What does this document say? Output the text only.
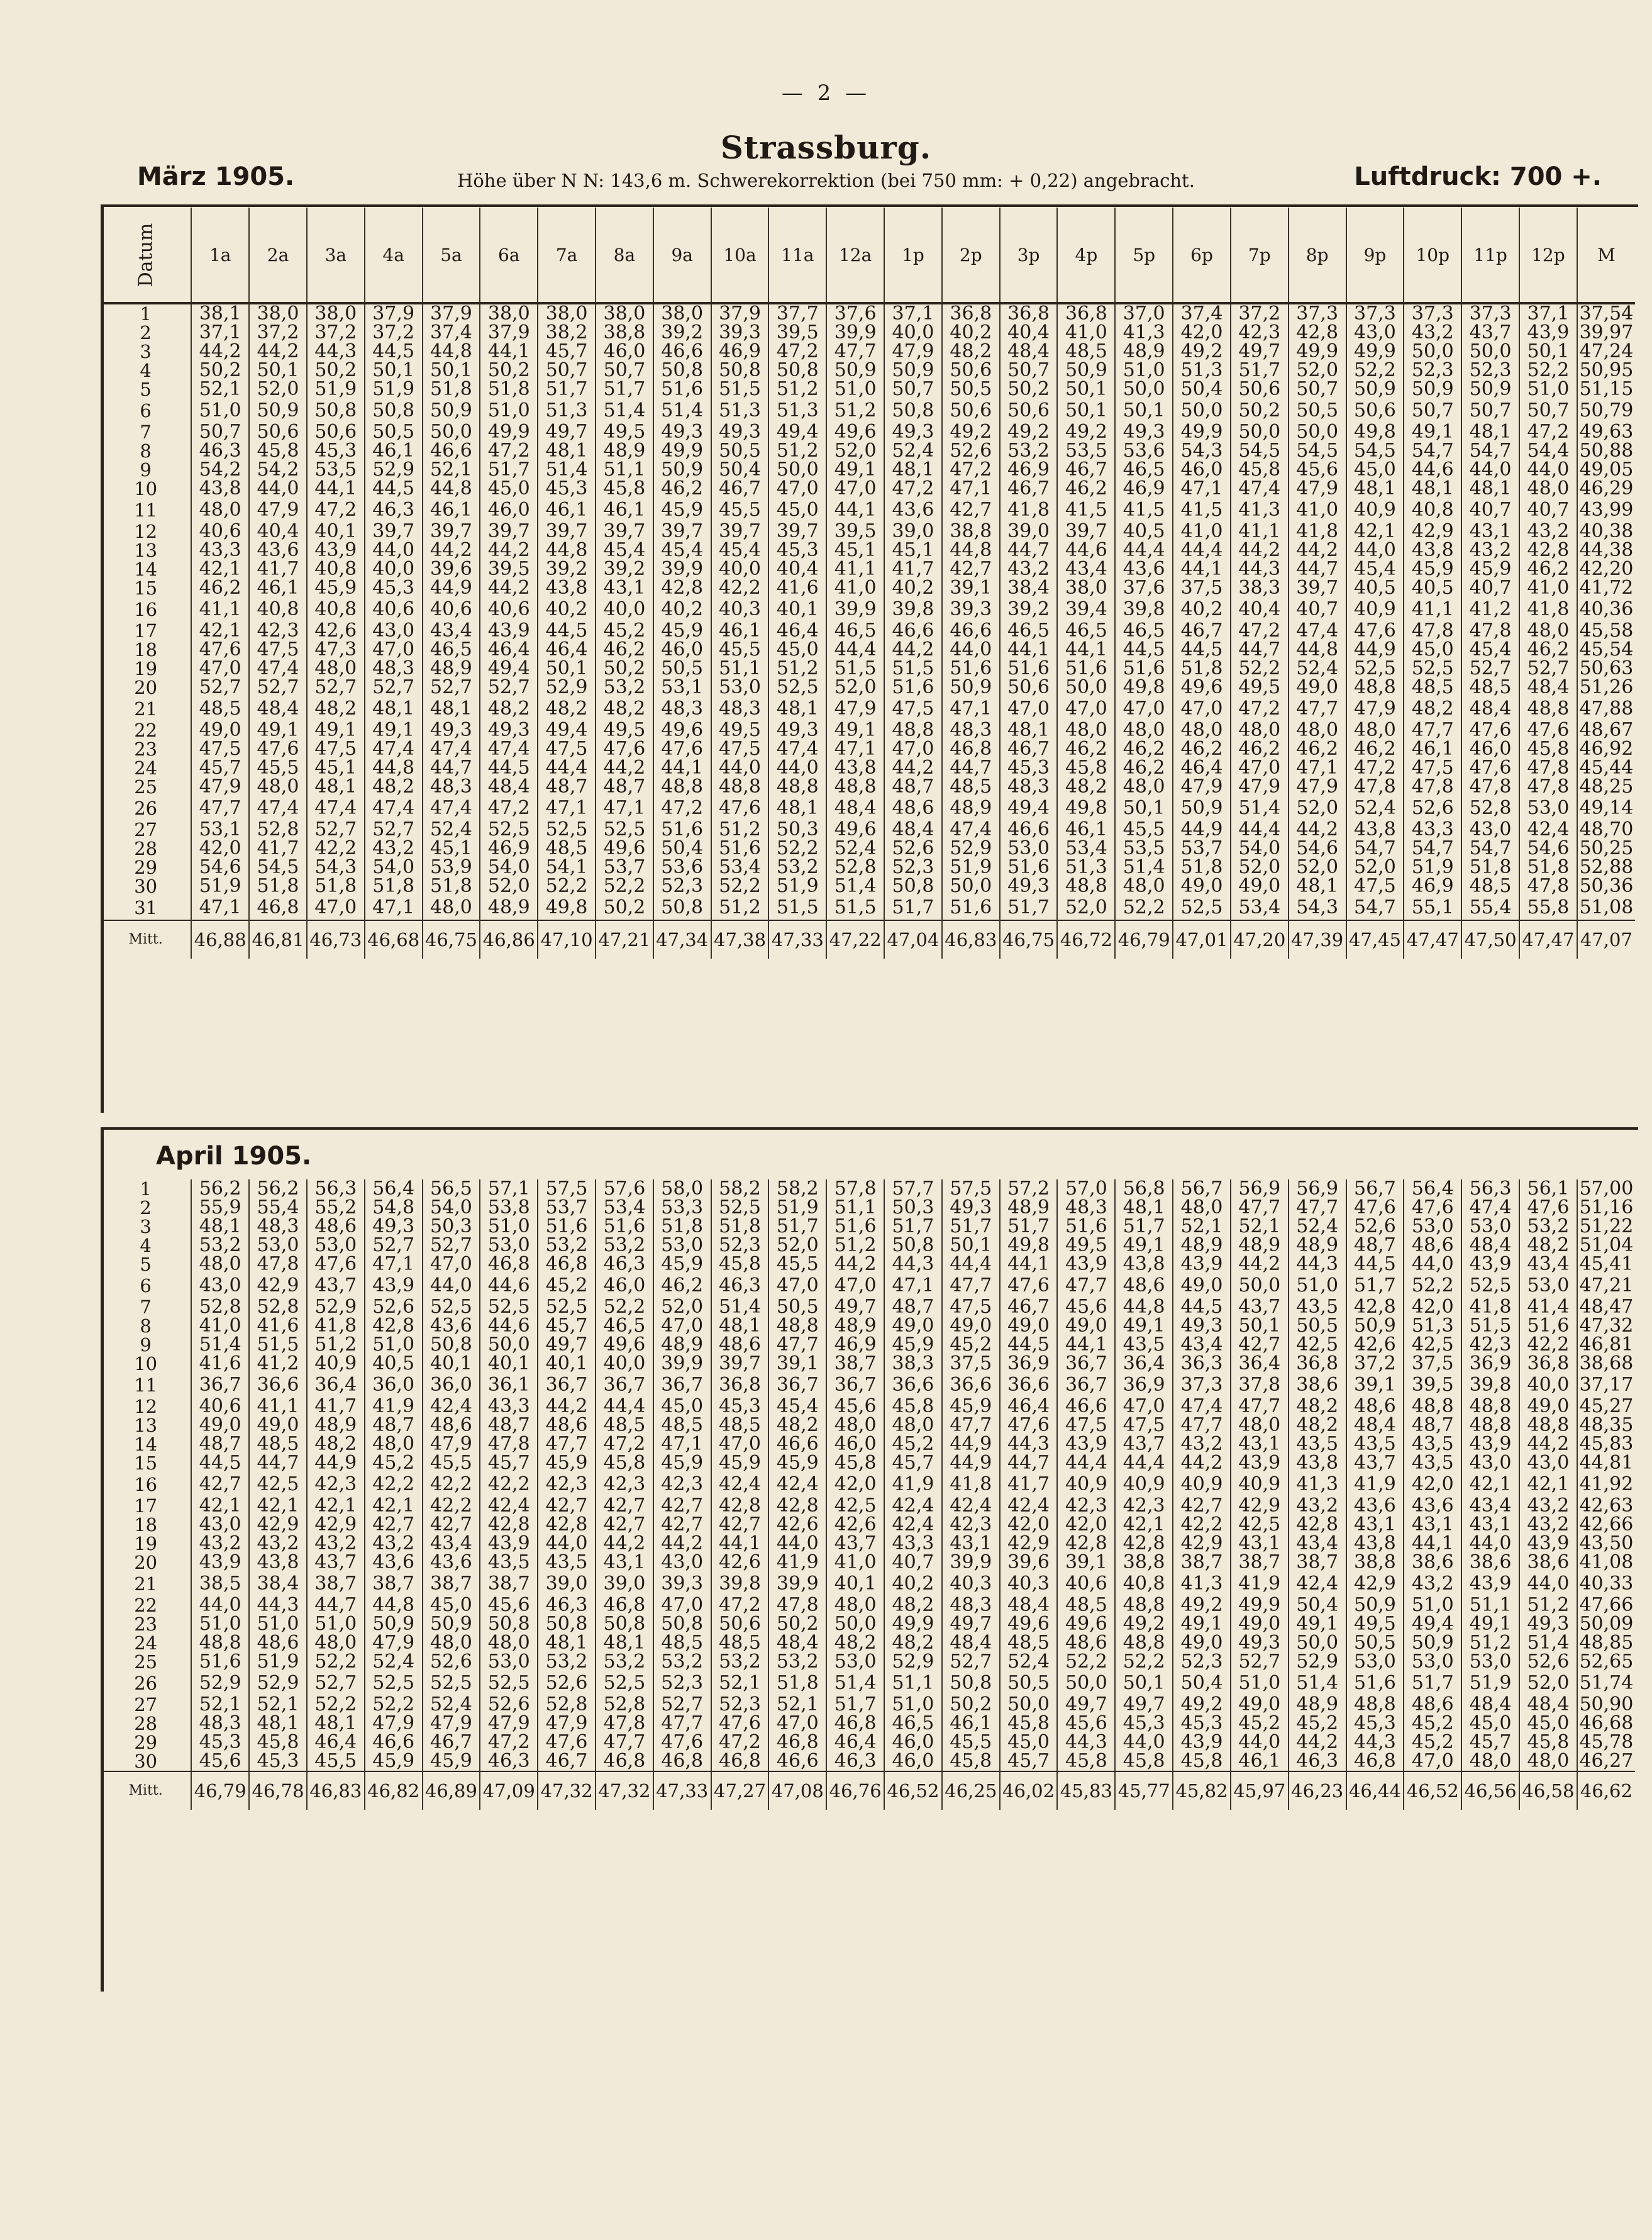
— 2 —
Strassburg.
März 1905.	Höhe über N N: 143,6 m. Schwerekorrektion (bei 750 mm: + 0,22) angebracht.	Luftdruck: 700 +.
Datum	1a	2a	3a	4a	5a	6a	7a	8a	9a	10a	11a	12a	1p	2p	3p	4p	5p	6p	7p	8p	9p	10p	11p	12p	M
1	38,1	38,0	38,0	37,9	37,9	38,0	38,0	38,0	38,0	37,9	37,7	37,6	37,1	36,8	36,8	36,8	37,0	37,4	37,2	37,3	37,3	37,3	37,3	37,1	37,54
2	37,1	37,2	37,2	37,2	37,4	37,9	38,2	38,8	39,2	39,3	39,5	39,9	40,0	40,2	40,4	41,0	41,3	42,0	42,3	42,8	43,0	43,2	43,7	43,9	39,97
3	44,2	44,2	44,3	44,5	44,8	44,1	45,7	46,0	46,6	46,9	47,2	47,7	47,9	48,2	48,4	48,5	48,9	49,2	49,7	49,9	49,9	50,0	50,0	50,1	47,24
4	50,2	50,1	50,2	50,1	50,1	50,2	50,7	50,7	50,8	50,8	50,8	50,9	50,9	50,6	50,7	50,9	51,0	51,3	51,7	52,0	52,2	52,3	52,3	52,2	50,95
5	52,1	52,0	51,9	51,9	51,8	51,8	51,7	51,7	51,6	51,5	51,2	51,0	50,7	50,5	50,2	50,1	50,0	50,4	50,6	50,7	50,9	50,9	50,9	51,0	51,15
6	51,0	50,9	50,8	50,8	50,9	51,0	51,3	51,4	51,4	51,3	51,3	51,2	50,8	50,6	50,6	50,1	50,1	50,0	50,2	50,5	50,6	50,7	50,7	50,7	50,79
7	50,7	50,6	50,6	50,5	50,0	49,9	49,7	49,5	49,3	49,3	49,4	49,6	49,3	49,2	49,2	49,2	49,3	49,9	50,0	50,0	49,8	49,1	48,1	47,2	49,63
8	46,3	45,8	45,3	46,1	46,6	47,2	48,1	48,9	49,9	50,5	51,2	52,0	52,4	52,6	53,2	53,5	53,6	54,3	54,5	54,5	54,5	54,7	54,7	54,4	50,88
9	54,2	54,2	53,5	52,9	52,1	51,7	51,4	51,1	50,9	50,4	50,0	49,1	48,1	47,2	46,9	46,7	46,5	46,0	45,8	45,6	45,0	44,6	44,0	44,0	49,05
10	43,8	44,0	44,1	44,5	44,8	45,0	45,3	45,8	46,2	46,7	47,0	47,0	47,2	47,1	46,7	46,2	46,9	47,1	47,4	47,9	48,1	48,1	48,1	48,0	46,29
11	48,0	47,9	47,2	46,3	46,1	46,0	46,1	46,1	45,9	45,5	45,0	44,1	43,6	42,7	41,8	41,5	41,5	41,5	41,3	41,0	40,9	40,8	40,7	40,7	43,99
12	40,6	40,4	40,1	39,7	39,7	39,7	39,7	39,7	39,7	39,7	39,7	39,5	39,0	38,8	39,0	39,7	40,5	41,0	41,1	41,8	42,1	42,9	43,1	43,2	40,38
13	43,3	43,6	43,9	44,0	44,2	44,2	44,8	45,4	45,4	45,4	45,3	45,1	45,1	44,8	44,7	44,6	44,4	44,4	44,2	44,2	44,0	43,8	43,2	42,8	44,38
14	42,1	41,7	40,8	40,0	39,6	39,5	39,2	39,2	39,9	40,0	40,4	41,1	41,7	42,7	43,2	43,4	43,6	44,1	44,3	44,7	45,4	45,9	45,9	46,2	42,20
15	46,2	46,1	45,9	45,3	44,9	44,2	43,8	43,1	42,8	42,2	41,6	41,0	40,2	39,1	38,4	38,0	37,6	37,5	38,3	39,7	40,5	40,5	40,7	41,0	41,72
16	41,1	40,8	40,8	40,6	40,6	40,6	40,2	40,0	40,2	40,3	40,1	39,9	39,8	39,3	39,2	39,4	39,8	40,2	40,4	40,7	40,9	41,1	41,2	41,8	40,36
17	42,1	42,3	42,6	43,0	43,4	43,9	44,5	45,2	45,9	46,1	46,4	46,5	46,6	46,6	46,5	46,5	46,5	46,7	47,2	47,4	47,6	47,8	47,8	48,0	45,58
18	47,6	47,5	47,3	47,0	46,5	46,4	46,4	46,2	46,0	45,5	45,0	44,4	44,2	44,0	44,1	44,1	44,5	44,5	44,7	44,8	44,9	45,0	45,4	46,2	45,54
19	47,0	47,4	48,0	48,3	48,9	49,4	50,1	50,2	50,5	51,1	51,2	51,5	51,5	51,6	51,6	51,6	51,6	51,8	52,2	52,4	52,5	52,5	52,7	52,7	50,63
20	52,7	52,7	52,7	52,7	52,7	52,7	52,9	53,2	53,1	53,0	52,5	52,0	51,6	50,9	50,6	50,0	49,8	49,6	49,5	49,0	48,8	48,5	48,5	48,4	51,26
21	48,5	48,4	48,2	48,1	48,1	48,2	48,2	48,2	48,3	48,3	48,1	47,9	47,5	47,1	47,0	47,0	47,0	47,0	47,2	47,7	47,9	48,2	48,4	48,8	47,88
22	49,0	49,1	49,1	49,1	49,3	49,3	49,4	49,5	49,6	49,5	49,3	49,1	48,8	48,3	48,1	48,0	48,0	48,0	48,0	48,0	48,0	47,7	47,6	47,6	48,67
23	47,5	47,6	47,5	47,4	47,4	47,4	47,5	47,6	47,6	47,5	47,4	47,1	47,0	46,8	46,7	46,2	46,2	46,2	46,2	46,2	46,2	46,1	46,0	45,8	46,92
24	45,7	45,5	45,1	44,8	44,7	44,5	44,4	44,2	44,1	44,0	44,0	43,8	44,2	44,7	45,3	45,8	46,2	46,4	47,0	47,1	47,2	47,5	47,6	47,8	45,44
25	47,9	48,0	48,1	48,2	48,3	48,4	48,7	48,7	48,8	48,8	48,8	48,8	48,7	48,5	48,3	48,2	48,0	47,9	47,9	47,9	47,8	47,8	47,8	47,8	48,25
26	47,7	47,4	47,4	47,4	47,4	47,2	47,1	47,1	47,2	47,6	48,1	48,4	48,6	48,9	49,4	49,8	50,1	50,9	51,4	52,0	52,4	52,6	52,8	53,0	49,14
27	53,1	52,8	52,7	52,7	52,4	52,5	52,5	52,5	51,6	51,2	50,3	49,6	48,4	47,4	46,6	46,1	45,5	44,9	44,4	44,2	43,8	43,3	43,0	42,4	48,70
28	42,0	41,7	42,2	43,2	45,1	46,9	48,5	49,6	50,4	51,6	52,2	52,4	52,6	52,9	53,0	53,4	53,5	53,7	54,0	54,6	54,7	54,7	54,7	54,6	50,25
29	54,6	54,5	54,3	54,0	53,9	54,0	54,1	53,7	53,6	53,4	53,2	52,8	52,3	51,9	51,6	51,3	51,4	51,8	52,0	52,0	52,0	51,9	51,8	51,8	52,88
30	51,9	51,8	51,8	51,8	51,8	52,0	52,2	52,2	52,3	52,2	51,9	51,4	50,8	50,0	49,3	48,8	48,0	49,0	49,0	48,1	47,5	46,9	48,5	47,8	50,36
31	47,1	46,8	47,0	47,1	48,0	48,9	49,8	50,2	50,8	51,2	51,5	51,5	51,7	51,6	51,7	52,0	52,2	52,5	53,4	54,3	54,7	55,1	55,4	55,8	51,08
Mitt.	46,88	46,81	46,73	46,68	46,75	46,86	47,10	47,21	47,34	47,38	47,33	47,22	47,04	46,83	46,75	46,72	46,79	47,01	47,20	47,39	47,45	47,47	47,50	47,47	47,07
April 1905.
1	56,2	56,2	56,3	56,4	56,5	57,1	57,5	57,6	58,0	58,2	58,2	57,8	57,7	57,5	57,2	57,0	56,8	56,7	56,9	56,9	56,7	56,4	56,3	56,1	57,00
2	55,9	55,4	55,2	54,8	54,0	53,8	53,7	53,4	53,3	52,5	51,9	51,1	50,3	49,3	48,9	48,3	48,1	48,0	47,7	47,7	47,6	47,6	47,4	47,6	51,16
3	48,1	48,3	48,6	49,3	50,3	51,0	51,6	51,6	51,8	51,8	51,7	51,6	51,7	51,7	51,7	51,6	51,7	52,1	52,1	52,4	52,6	53,0	53,0	53,2	51,22
4	53,2	53,0	53,0	52,7	52,7	53,0	53,2	53,2	53,0	52,3	52,0	51,2	50,8	50,1	49,8	49,5	49,1	48,9	48,9	48,9	48,7	48,6	48,4	48,2	51,04
5	48,0	47,8	47,6	47,1	47,0	46,8	46,8	46,3	45,9	45,8	45,5	44,2	44,3	44,4	44,1	43,9	43,8	43,9	44,2	44,3	44,5	44,0	43,9	43,4	45,41
6	43,0	42,9	43,7	43,9	44,0	44,6	45,2	46,0	46,2	46,3	47,0	47,0	47,1	47,7	47,6	47,7	48,6	49,0	50,0	51,0	51,7	52,2	52,5	53,0	47,21
7	52,8	52,8	52,9	52,6	52,5	52,5	52,5	52,2	52,0	51,4	50,5	49,7	48,7	47,5	46,7	45,6	44,8	44,5	43,7	43,5	42,8	42,0	41,8	41,4	48,47
8	41,0	41,6	41,8	42,8	43,6	44,6	45,7	46,5	47,0	48,1	48,8	48,9	49,0	49,0	49,0	49,0	49,1	49,3	50,1	50,5	50,9	51,3	51,5	51,6	47,32
9	51,4	51,5	51,2	51,0	50,8	50,0	49,7	49,6	48,9	48,6	47,7	46,9	45,9	45,2	44,5	44,1	43,5	43,4	42,7	42,5	42,6	42,5	42,3	42,2	46,81
10	41,6	41,2	40,9	40,5	40,1	40,1	40,1	40,0	39,9	39,7	39,1	38,7	38,3	37,5	36,9	36,7	36,4	36,3	36,4	36,8	37,2	37,5	36,9	36,8	38,68
11	36,7	36,6	36,4	36,0	36,0	36,1	36,7	36,7	36,7	36,8	36,7	36,7	36,6	36,6	36,6	36,7	36,9	37,3	37,8	38,6	39,1	39,5	39,8	40,0	37,17
12	40,6	41,1	41,7	41,9	42,4	43,3	44,2	44,4	45,0	45,3	45,4	45,6	45,8	45,9	46,4	46,6	47,0	47,4	47,7	48,2	48,6	48,8	48,8	49,0	45,27
13	49,0	49,0	48,9	48,7	48,6	48,7	48,6	48,5	48,5	48,5	48,2	48,0	48,0	47,7	47,6	47,5	47,5	47,7	48,0	48,2	48,4	48,7	48,8	48,8	48,35
14	48,7	48,5	48,2	48,0	47,9	47,8	47,7	47,2	47,1	47,0	46,6	46,0	45,2	44,9	44,3	43,9	43,7	43,2	43,1	43,5	43,5	43,5	43,9	44,2	45,83
15	44,5	44,7	44,9	45,2	45,5	45,7	45,9	45,8	45,9	45,9	45,9	45,8	45,7	44,9	44,7	44,4	44,4	44,2	43,9	43,8	43,7	43,5	43,0	43,0	44,81
16	42,7	42,5	42,3	42,2	42,2	42,2	42,3	42,3	42,3	42,4	42,4	42,0	41,9	41,8	41,7	40,9	40,9	40,9	40,9	41,3	41,9	42,0	42,1	42,1	41,92
17	42,1	42,1	42,1	42,1	42,2	42,4	42,7	42,7	42,7	42,8	42,8	42,5	42,4	42,4	42,4	42,3	42,3	42,7	42,9	43,2	43,6	43,6	43,4	43,2	42,63
18	43,0	42,9	42,9	42,7	42,7	42,8	42,8	42,7	42,7	42,7	42,6	42,6	42,4	42,3	42,0	42,0	42,1	42,2	42,5	42,8	43,1	43,1	43,1	43,2	42,66
19	43,2	43,2	43,2	43,2	43,4	43,9	44,0	44,2	44,2	44,1	44,0	43,7	43,3	43,1	42,9	42,8	42,8	42,9	43,1	43,4	43,8	44,1	44,0	43,9	43,50
20	43,9	43,8	43,7	43,6	43,6	43,5	43,5	43,1	43,0	42,6	41,9	41,0	40,7	39,9	39,6	39,1	38,8	38,7	38,7	38,7	38,8	38,6	38,6	38,6	41,08
21	38,5	38,4	38,7	38,7	38,7	38,7	39,0	39,0	39,3	39,8	39,9	40,1	40,2	40,3	40,3	40,6	40,8	41,3	41,9	42,4	42,9	43,2	43,9	44,0	40,33
22	44,0	44,3	44,7	44,8	45,0	45,6	46,3	46,8	47,0	47,2	47,8	48,0	48,2	48,3	48,4	48,5	48,8	49,2	49,9	50,4	50,9	51,0	51,1	51,2	47,66
23	51,0	51,0	51,0	50,9	50,9	50,8	50,8	50,8	50,8	50,6	50,2	50,0	49,9	49,7	49,6	49,6	49,2	49,1	49,0	49,1	49,5	49,4	49,1	49,3	50,09
24	48,8	48,6	48,0	47,9	48,0	48,0	48,1	48,1	48,5	48,5	48,4	48,2	48,2	48,4	48,5	48,6	48,8	49,0	49,3	50,0	50,5	50,9	51,2	51,4	48,85
25	51,6	51,9	52,2	52,4	52,6	53,0	53,2	53,2	53,2	53,2	53,2	53,0	52,9	52,7	52,4	52,2	52,2	52,3	52,7	52,9	53,0	53,0	53,0	52,6	52,65
26	52,9	52,9	52,7	52,5	52,5	52,5	52,6	52,5	52,3	52,1	51,8	51,4	51,1	50,8	50,5	50,0	50,1	50,4	51,0	51,4	51,6	51,7	51,9	52,0	51,74
27	52,1	52,1	52,2	52,2	52,4	52,6	52,8	52,8	52,7	52,3	52,1	51,7	51,0	50,2	50,0	49,7	49,7	49,2	49,0	48,9	48,8	48,6	48,4	48,4	50,90
28	48,3	48,1	48,1	47,9	47,9	47,9	47,9	47,8	47,7	47,6	47,0	46,8	46,5	46,1	45,8	45,6	45,3	45,3	45,2	45,2	45,3	45,2	45,0	45,0	46,68
29	45,3	45,8	46,4	46,6	46,7	47,2	47,6	47,7	47,6	47,2	46,8	46,4	46,0	45,5	45,0	44,3	44,0	43,9	44,0	44,2	44,3	45,2	45,7	45,8	45,78
30	45,6	45,3	45,5	45,9	45,9	46,3	46,7	46,8	46,8	46,8	46,6	46,3	46,0	45,8	45,7	45,8	45,8	45,8	46,1	46,3	46,8	47,0	48,0	48,0	46,27
Mitt.	46,79	46,78	46,83	46,82	46,89	47,09	47,32	47,32	47,33	47,27	47,08	46,76	46,52	46,25	46,02	45,83	45,77	45,82	45,97	46,23	46,44	46,52	46,56	46,58	46,62
